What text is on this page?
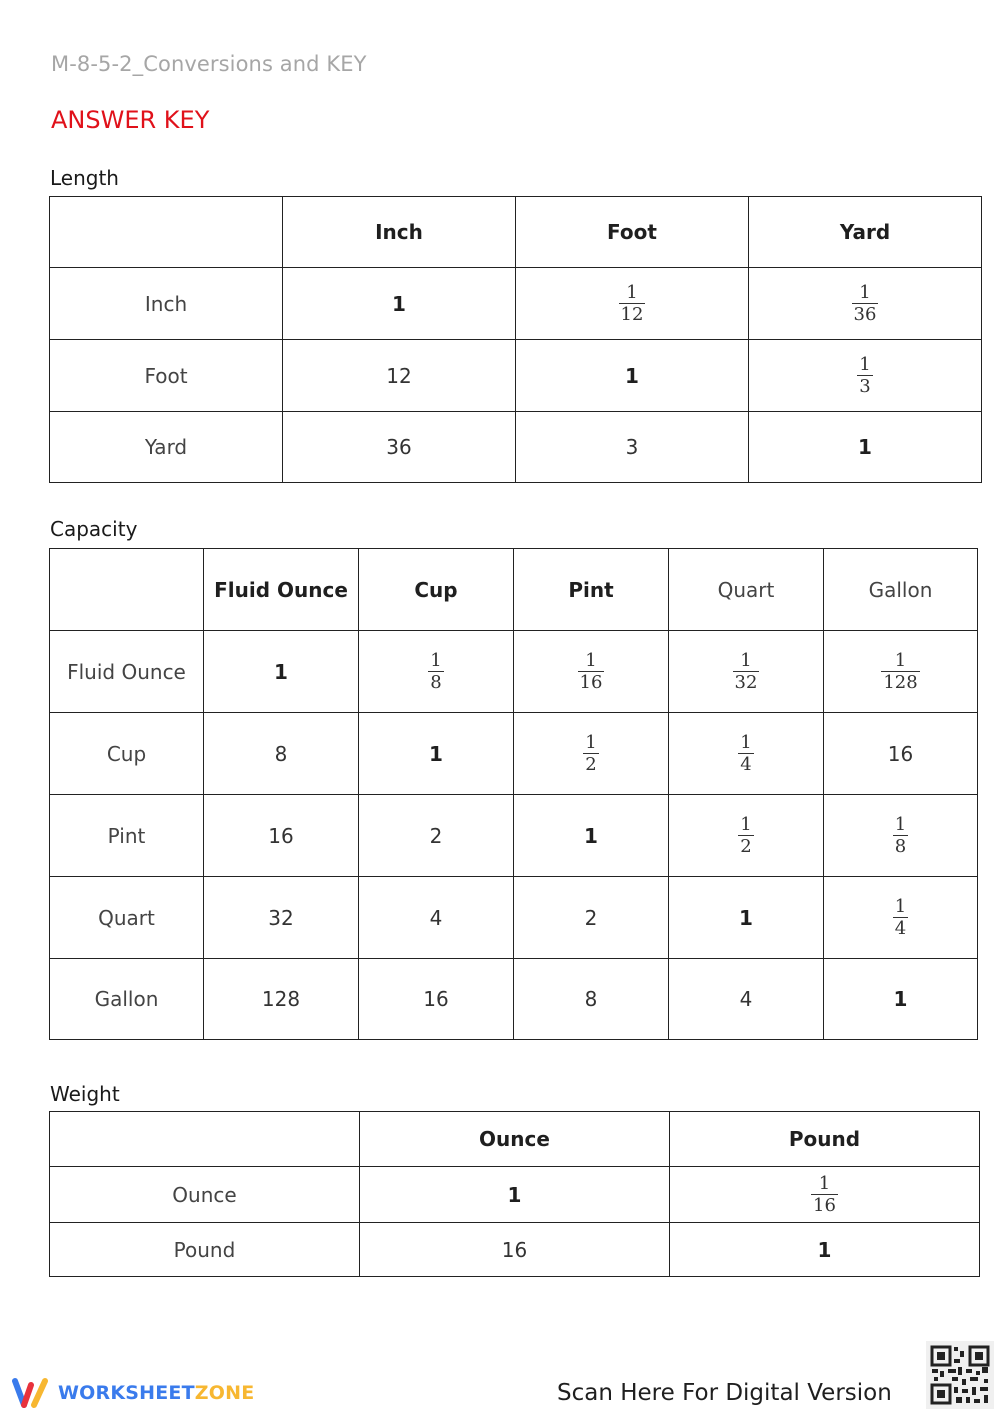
M-8-5-2_Conversions and KEY
ANSWER KEY
Length
	Inch	Foot	Yard
Inch	1	$\frac{1}{12}$	$\frac{1}{36}$

Foot	12	1	$\frac{1}{3}$

Yard	36	3	1
Capacity
	Fluid Ounce	Cup	Pint	Quart	Gallon
Fluid Ounce	1	$\frac{1}{8}$	$\frac{1}{16}$	$\frac{1}{32}$	$\frac{1}{128}$

Cup	8	1	$\frac{1}{2}$	$\frac{1}{4}$	16
Pint	16	2	1	$\frac{1}{2}$	$\frac{1}{8}$

Quart	32	4	2	1	$\frac{1}{4}$

Gallon	128	16	8	4	1
Weight
	Ounce	Pound
Ounce	1	$\frac{1}{16}$

Pound	16	1
WORKSHEETZONE	Scan Here For Digital Version
